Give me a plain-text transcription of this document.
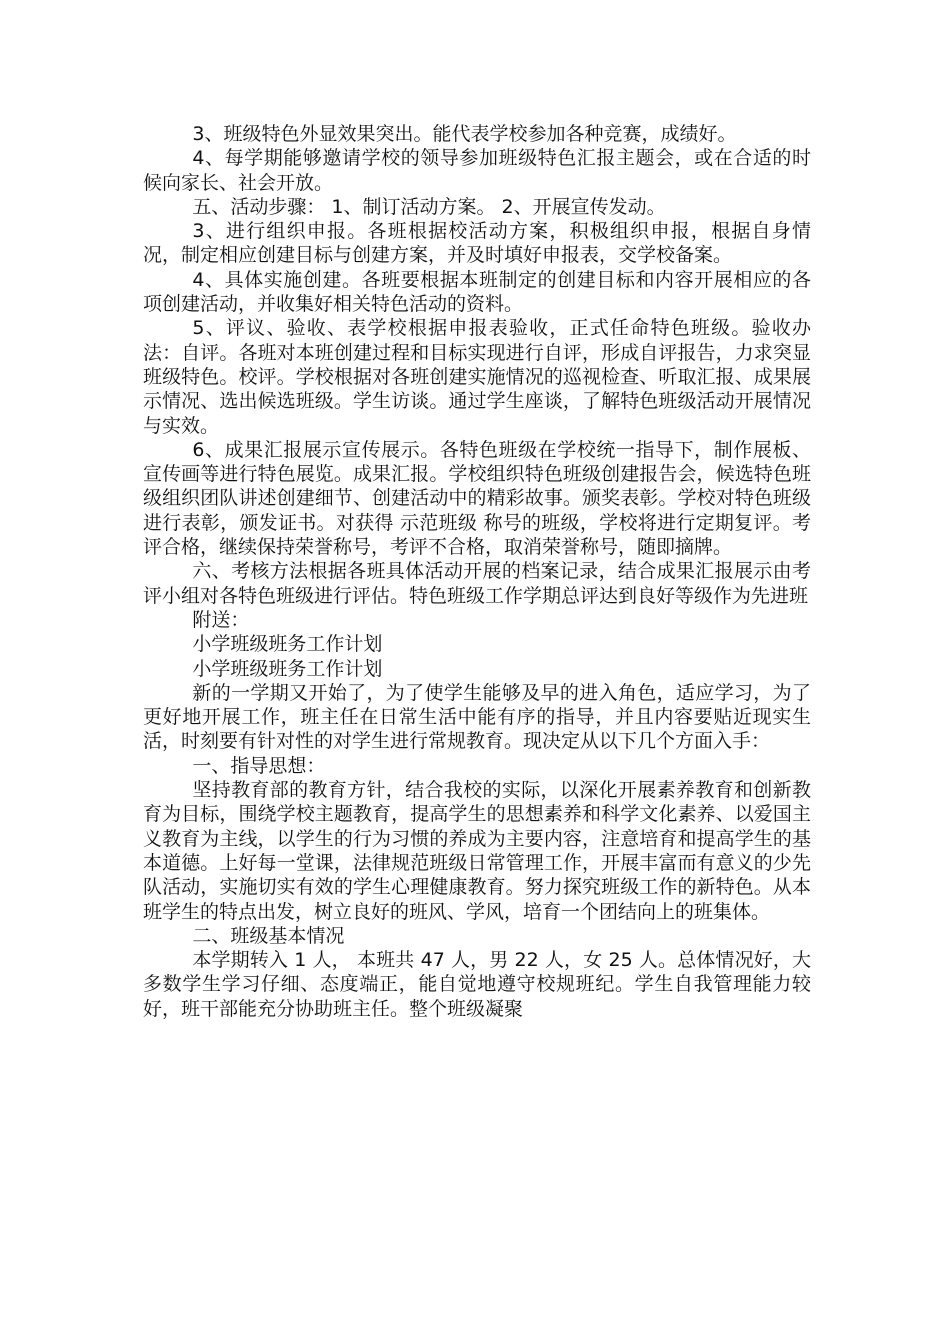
3、班级特色外显效果突出。能代表学校参加各种竞赛，成绩好。

4、每学期能够邀请学校的领导参加班级特色汇报主题会，或在合适的时候向家长、社会开放。

五、活动步骤： 1、制订活动方案。 2、开展宣传发动。

3、进行组织申报。各班根据校活动方案，积极组织申报，根据自身情况，制定相应创建目标与创建方案，并及时填好申报表，交学校备案。

4、具体实施创建。各班要根据本班制定的创建目标和内容开展相应的各项创建活动，并收集好相关特色活动的资料。

5、评议、验收、表学校根据申报表验收，正式任命特色班级。验收办法：自评。各班对本班创建过程和目标实现进行自评，形成自评报告，力求突显班级特色。校评。学校根据对各班创建实施情况的巡视检查、听取汇报、成果展示情况、选出候选班级。学生访谈。通过学生座谈，了解特色班级活动开展情况与实效。

6、成果汇报展示宣传展示。各特色班级在学校统一指导下，制作展板、宣传画等进行特色展览。成果汇报。学校组织特色班级创建报告会，候选特色班级组织团队讲述创建细节、创建活动中的精彩故事。颁奖表彰。学校对特色班级进行表彰，颁发证书。对获得 示范班级 称号的班级，学校将进行定期复评。考评合格，继续保持荣誉称号，考评不合格，取消荣誉称号，随即摘牌。

六、考核方法根据各班具体活动开展的档案记录，结合成果汇报展示由考评小组对各特色班级进行评估。特色班级工作学期总评达到良好等级作为先进班

附送：

小学班级班务工作计划

小学班级班务工作计划

新的一学期又开始了，为了使学生能够及早的进入角色，适应学习，为了更好地开展工作，班主任在日常生活中能有序的指导，并且内容要贴近现实生活，时刻要有针对性的对学生进行常规教育。现决定从以下几个方面入手：

一、指导思想：

坚持教育部的教育方针，结合我校的实际，以深化开展素养教育和创新教育为目标，围绕学校主题教育，提高学生的思想素养和科学文化素养、以爱国主义教育为主线，以学生的行为习惯的养成为主要内容，注意培育和提高学生的基本道德。上好每一堂课，法律规范班级日常管理工作，开展丰富而有意义的少先队活动，实施切实有效的学生心理健康教育。努力探究班级工作的新特色。从本班学生的特点出发，树立良好的班风、学风，培育一个团结向上的班集体。

二、班级基本情况

本学期转入 1 人， 本班共 47 人，男 22 人，女 25 人。总体情况好，大多数学生学习仔细、态度端正，能自觉地遵守校规班纪。学生自我管理能力较好，班干部能充分协助班主任。整个班级凝聚
